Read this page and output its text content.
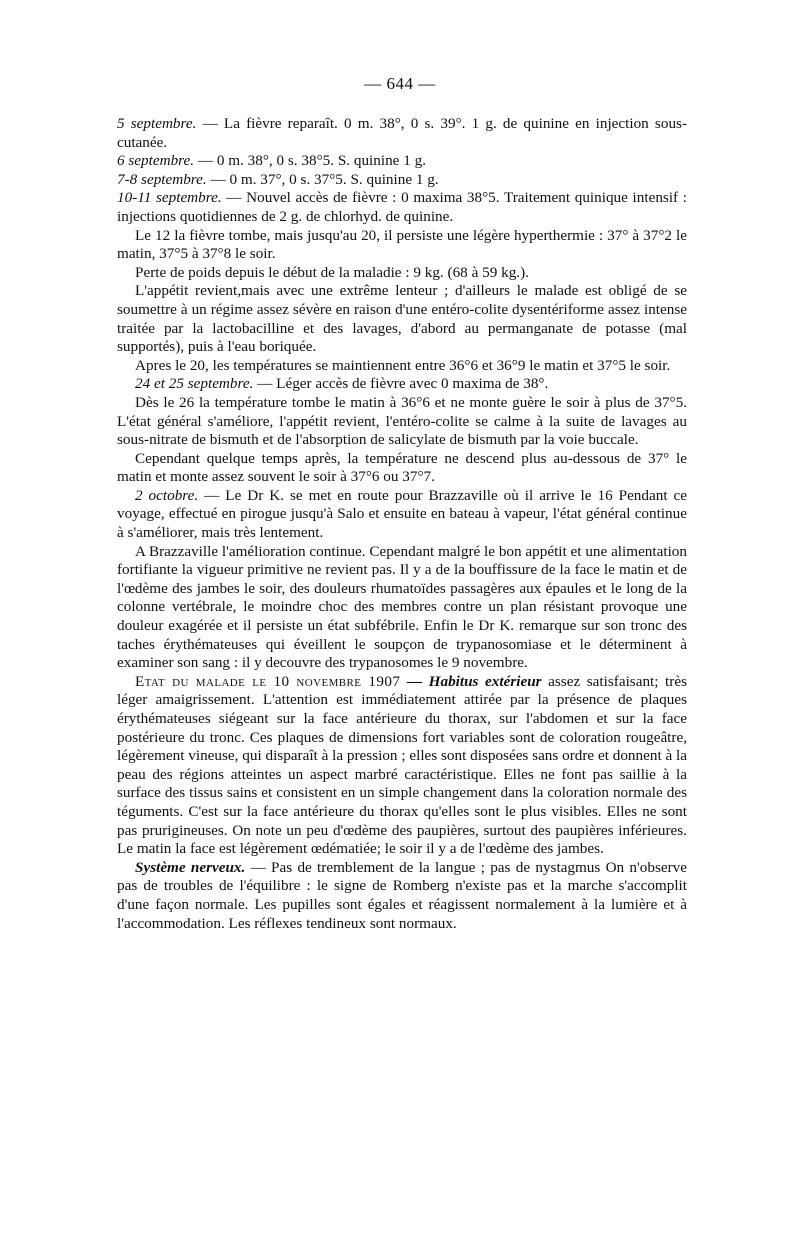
— 644 —

5 septembre. — La fièvre reparaît. 0 m. 38°, 0 s. 39°. 1 g. de quinine en injection sous-cutanée.

6 septembre. — 0 m. 38°, 0 s. 38°5. S. quinine 1 g.

7-8 septembre. — 0 m. 37°, 0 s. 37°5. S. quinine 1 g.

10-11 septembre. — Nouvel accès de fièvre : 0 maxima 38°5. Traitement quinique intensif : injections quotidiennes de 2 g. de chlorhyd. de quinine.

Le 12 la fièvre tombe, mais jusqu'au 20, il persiste une légère hyperthermie : 37° à 37°2 le matin, 37°5 à 37°8 le soir.

Perte de poids depuis le début de la maladie : 9 kg. (68 à 59 kg.).

L'appétit revient,mais avec une extrême lenteur ; d'ailleurs le malade est obligé de se soumettre à un régime assez sévère en raison d'une entéro-colite dysentériforme assez intense traitée par la lactobacilline et des lavages, d'abord au permanganate de potasse (mal supportés), puis à l'eau boriquée.

Apres le 20, les températures se maintiennent entre 36°6 et 36°9 le matin et 37°5 le soir.

24 et 25 septembre. — Léger accès de fièvre avec 0 maxima de 38°.

Dès le 26 la température tombe le matin à 36°6 et ne monte guère le soir à plus de 37°5. L'état général s'améliore, l'appétit revient, l'entéro-colite se calme à la suite de lavages au sous-nitrate de bismuth et de l'absorption de salicylate de bismuth par la voie buccale.

Cependant quelque temps après, la température ne descend plus au-dessous de 37° le matin et monte assez souvent le soir à 37°6 ou 37°7.

2 octobre. — Le Dr K. se met en route pour Brazzaville où il arrive le 16 Pendant ce voyage, effectué en pirogue jusqu'à Salo et ensuite en bateau à vapeur, l'état général continue à s'améliorer, mais très lentement.

A Brazzaville l'amélioration continue. Cependant malgré le bon appétit et une alimentation fortifiante la vigueur primitive ne revient pas. Il y a de la bouffissure de la face le matin et de l'œdème des jambes le soir, des douleurs rhumatoïdes passagères aux épaules et le long de la colonne vertébrale, le moindre choc des membres contre un plan résistant provoque une douleur exagérée et il persiste un état subfébrile. Enfin le Dr K. remarque sur son tronc des taches érythémateuses qui éveillent le soupçon de trypanosomiase et le déterminent à examiner son sang : il y decouvre des trypanosomes le 9 novembre.

Etat du malade le 10 novembre 1907 — Habitus extérieur assez satisfaisant; très léger amaigrissement. L'attention est immédiatement attirée par la présence de plaques érythémateuses siégeant sur la face antérieure du thorax, sur l'abdomen et sur la face postérieure du tronc. Ces plaques de dimensions fort variables sont de coloration rougeâtre, légèrement vineuse, qui disparaît à la pression ; elles sont disposées sans ordre et donnent à la peau des régions atteintes un aspect marbré caractéristique. Elles ne font pas saillie à la surface des tissus sains et consistent en un simple changement dans la coloration normale des téguments. C'est sur la face antérieure du thorax qu'elles sont le plus visibles. Elles ne sont pas prurigineuses. On note un peu d'œdème des paupières, surtout des paupières inférieures. Le matin la face est légèrement œdématiée; le soir il y a de l'œdème des jambes.

Système nerveux. — Pas de tremblement de la langue ; pas de nystagmus On n'observe pas de troubles de l'équilibre : le signe de Romberg n'existe pas et la marche s'accomplit d'une façon normale. Les pupilles sont égales et réagissent normalement à la lumière et à l'accommodation. Les réflexes tendineux sont normaux.
